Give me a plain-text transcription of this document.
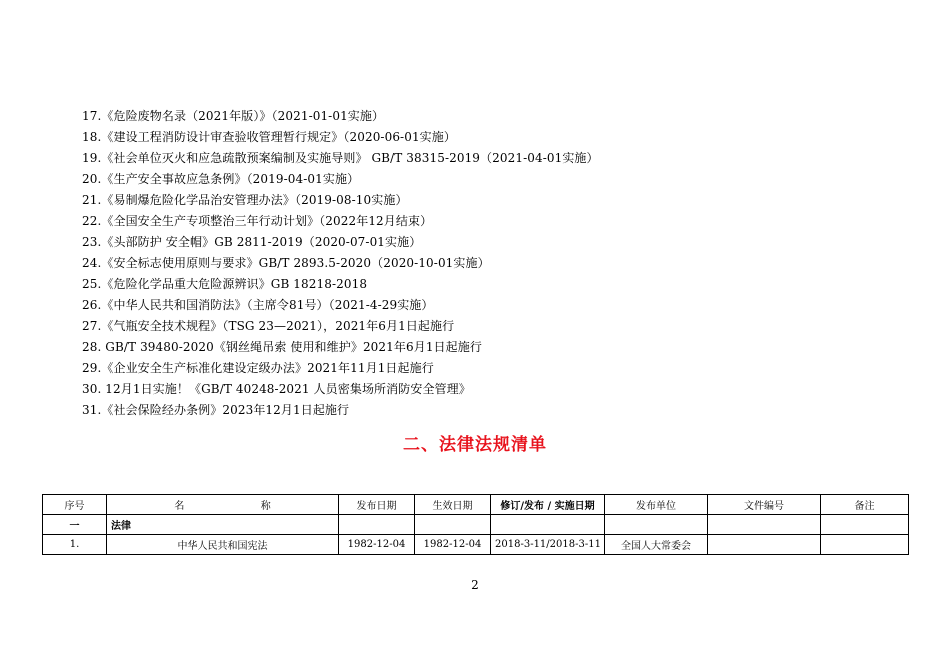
17.《危险废物名录（2021年版）》（2021-01-01实施）
18.《建设工程消防设计审查验收管理暂行规定》（2020-06-01实施）
19.《社会单位灭火和应急疏散预案编制及实施导则》 GB/T 38315-2019（2021-04-01实施）
20.《生产安全事故应急条例》（2019-04-01实施）
21.《易制爆危险化学品治安管理办法》（2019-08-10实施）
22.《全国安全生产专项整治三年行动计划》（2022年12月结束）
23.《头部防护 安全帽》GB 2811-2019（2020-07-01实施）
24.《安全标志使用原则与要求》GB/T 2893.5-2020（2020-10-01实施）
25.《危险化学品重大危险源辨识》GB 18218-2018
26.《中华人民共和国消防法》（主席令81号）（2021-4-29实施）
27.《气瓶安全技术规程》（TSG 23—2021），2021年6月1日起施行
28. GB/T 39480-2020《钢丝绳吊索 使用和维护》2021年6月1日起施行
29.《企业安全生产标准化建设定级办法》2021年11月1日起施行
30. 12月1日实施！《GB/T 40248-2021 人员密集场所消防安全管理》
31.《社会保险经办条例》2023年12月1日起施行
二、法律法规清单
序号	名 称	发布日期	生效日期	修订/发布 / 实施日期	发布单位	文件编号	备注
一	法律						
1.	中华人民共和国宪法	1982-12-04	1982-12-04	2018-3-11/2018-3-11	全国人大常委会		
2
